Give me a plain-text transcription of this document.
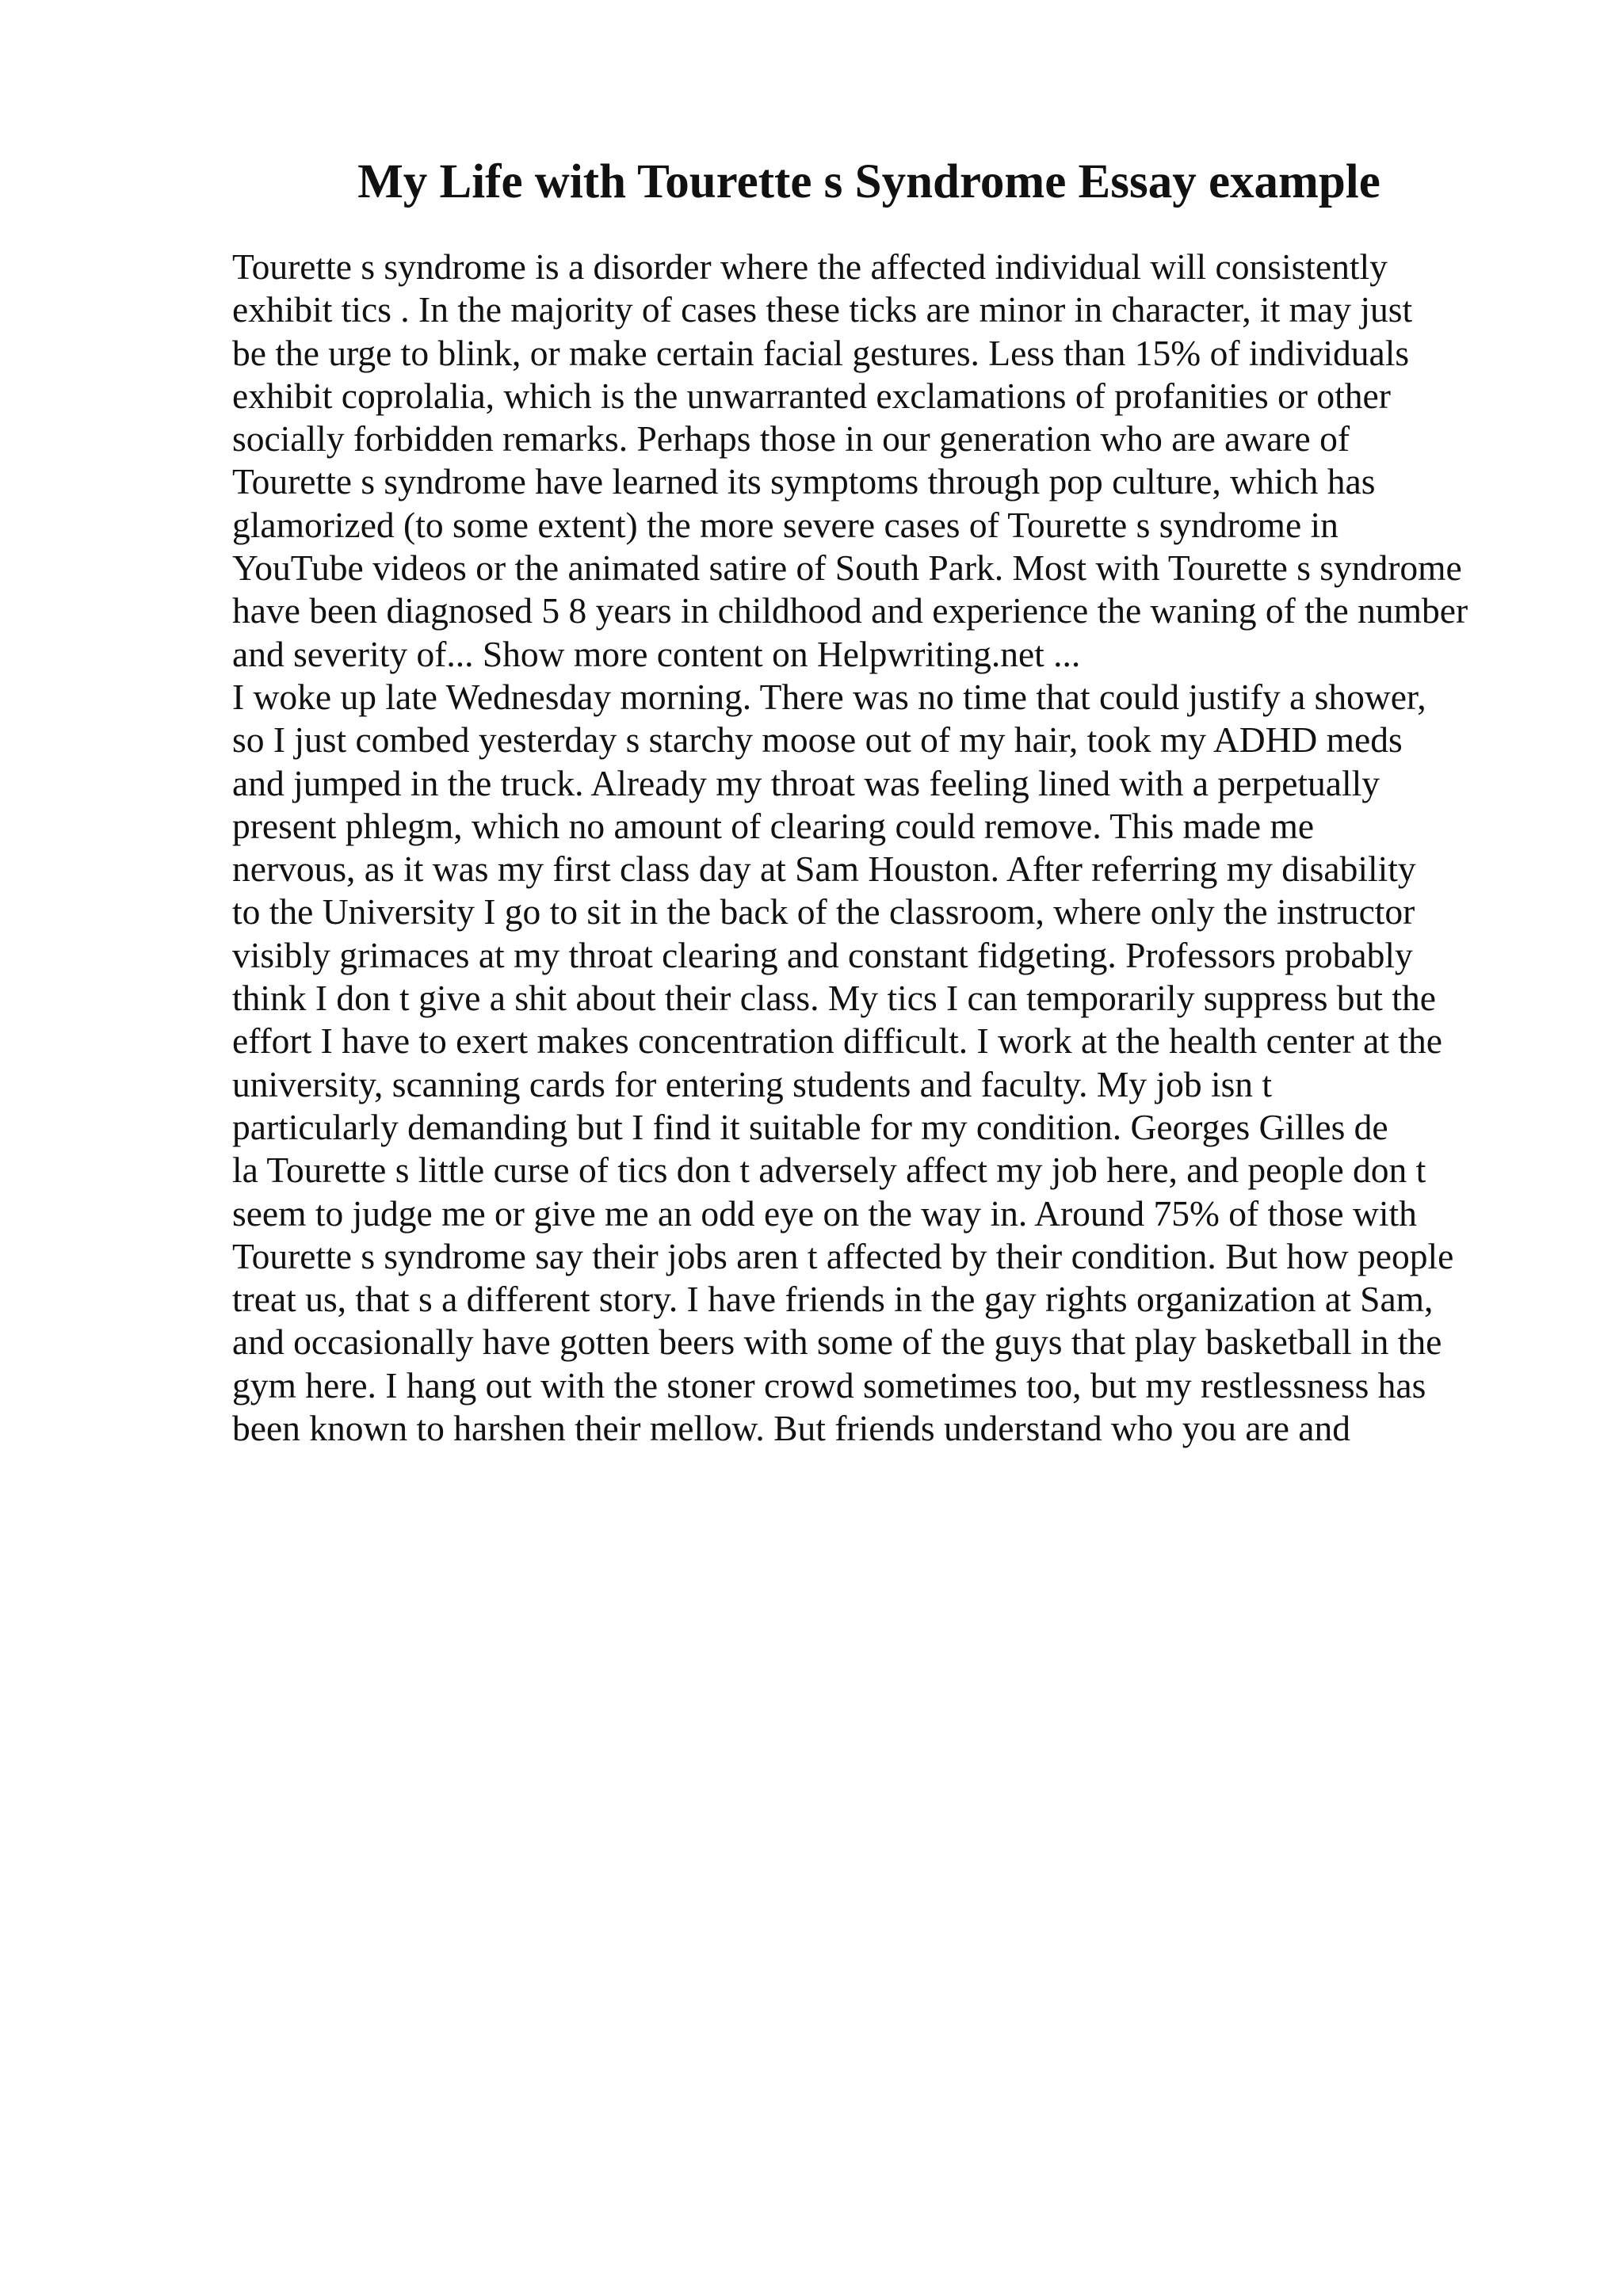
My Life with Tourette s Syndrome Essay example
Tourette s syndrome is a disorder where the affected individual will consistently
exhibit tics . In the majority of cases these ticks are minor in character, it may just
be the urge to blink, or make certain facial gestures. Less than 15% of individuals
exhibit coprolalia, which is the unwarranted exclamations of profanities or other
socially forbidden remarks. Perhaps those in our generation who are aware of
Tourette s syndrome have learned its symptoms through pop culture, which has
glamorized (to some extent) the more severe cases of Tourette s syndrome in
YouTube videos or the animated satire of South Park. Most with Tourette s syndrome
have been diagnosed 5 8 years in childhood and experience the waning of the number
and severity of... Show more content on Helpwriting.net ...
I woke up late Wednesday morning. There was no time that could justify a shower,
so I just combed yesterday s starchy moose out of my hair, took my ADHD meds
and jumped in the truck. Already my throat was feeling lined with a perpetually
present phlegm, which no amount of clearing could remove. This made me
nervous, as it was my first class day at Sam Houston. After referring my disability
to the University I go to sit in the back of the classroom, where only the instructor
visibly grimaces at my throat clearing and constant fidgeting. Professors probably
think I don t give a shit about their class. My tics I can temporarily suppress but the
effort I have to exert makes concentration difficult. I work at the health center at the
university, scanning cards for entering students and faculty. My job isn t
particularly demanding but I find it suitable for my condition. Georges Gilles de
la Tourette s little curse of tics don t adversely affect my job here, and people don t
seem to judge me or give me an odd eye on the way in. Around 75% of those with
Tourette s syndrome say their jobs aren t affected by their condition. But how people
treat us, that s a different story. I have friends in the gay rights organization at Sam,
and occasionally have gotten beers with some of the guys that play basketball in the
gym here. I hang out with the stoner crowd sometimes too, but my restlessness has
been known to harshen their mellow. But friends understand who you are and
